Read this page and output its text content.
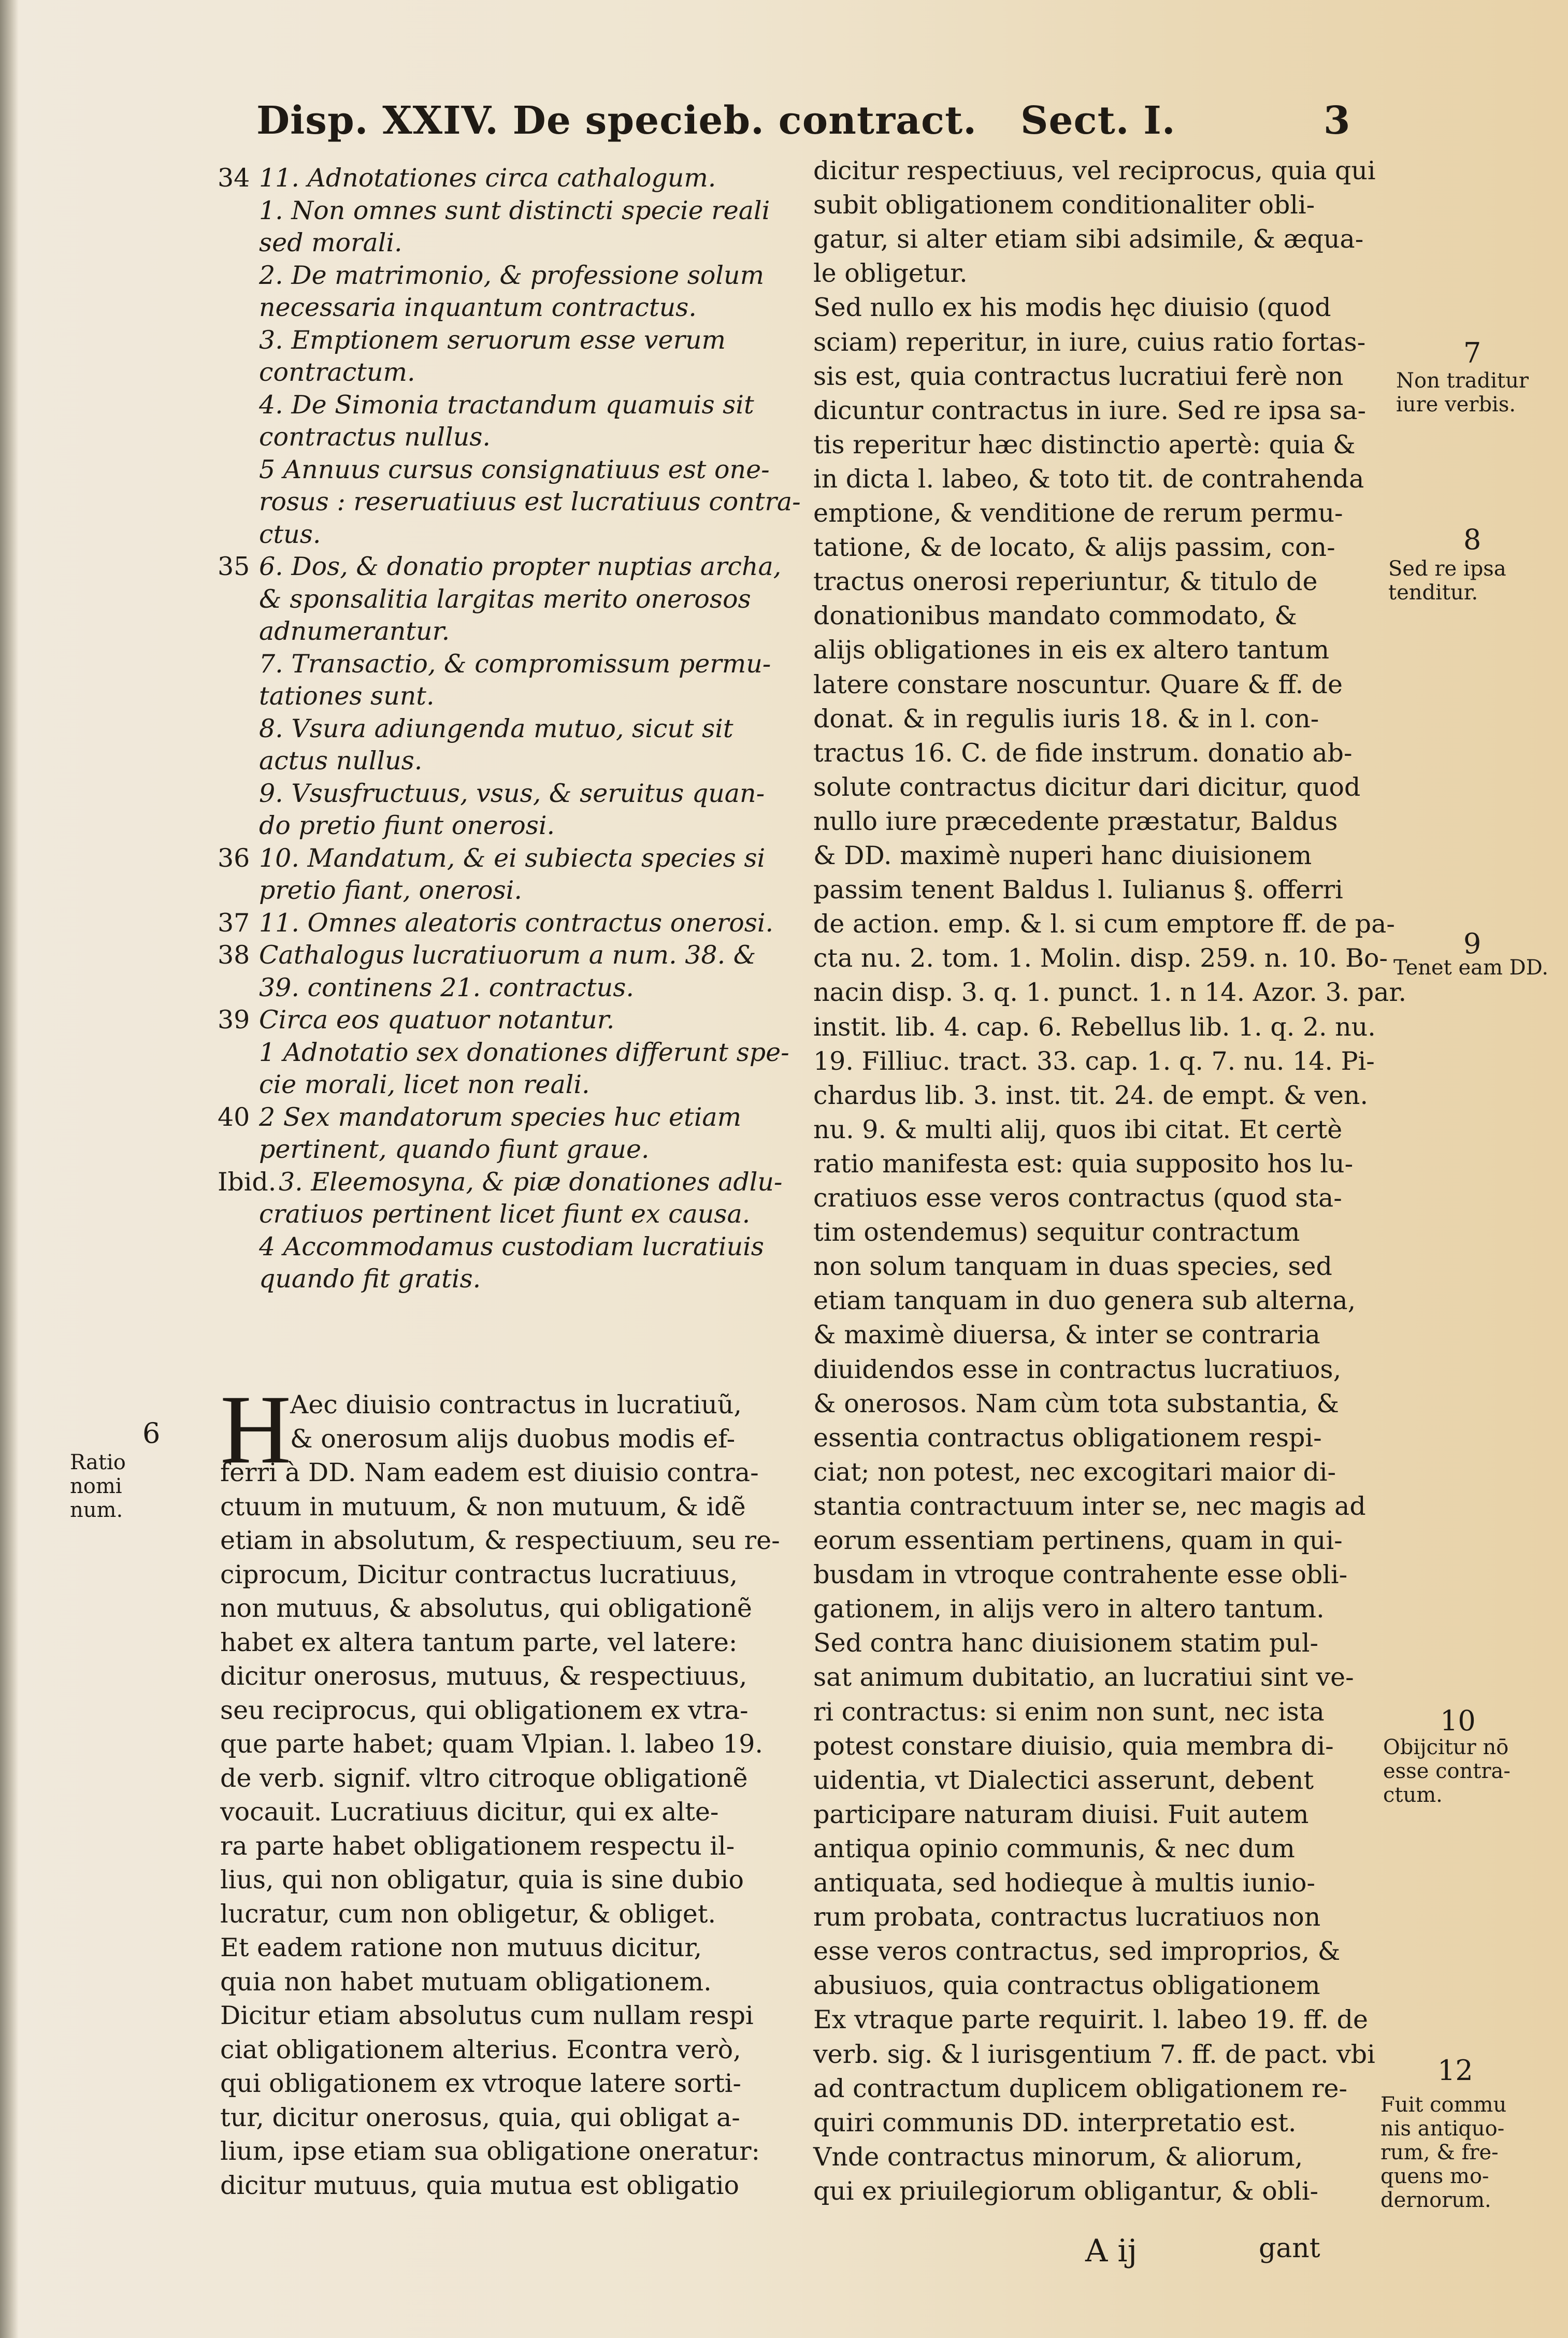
Disp. XXIV. De specieb. contract. Sect. I.	3
34 11. Adnotationes circa cathalogum.
1. Non omnes sunt distincti specie reali
sed morali.
2. De matrimonio, & professione solum
necessaria inquantum contractus.
3. Emptionem seruorum esse verum
contractum.
4. De Simonia tractandum quamuis sit
contractus nullus.
5 Annuus cursus consignatiuus est one-
rosus : reseruatiuus est lucratiuus contra-
ctus.
35 6. Dos, & donatio propter nuptias archa,
& sponsalitia largitas merito onerosos
adnumerantur.
7. Transactio, & compromissum permu-
tationes sunt.
8. Vsura adiungenda mutuo, sicut sit
actus nullus.
9. Vsusfructuus, vsus, & seruitus quan-
do pretio fiunt onerosi.
36 10. Mandatum, & ei subiecta species si
pretio fiant, onerosi.
37 11. Omnes aleatoris contractus onerosi.
38 Cathalogus lucratiuorum a num. 38. &
39. continens 21. contractus.
39 Circa eos quatuor notantur.
1 Adnotatio sex donationes differunt spe-
cie morali, licet non reali.
40 2 Sex mandatorum species huc etiam
pertinent, quando fiunt graue.
Ibid. 3. Eleemosyna, & piæ donationes adlu-
cratiuos pertinent licet fiunt ex causa.
4 Accommodamus custodiam lucratiuis
quando fit gratis.
H
Aec diuisio contractus in lucratiuũ,
& onerosum alijs duobus modis ef-
ferri à DD. Nam eadem est diuisio contra-
ctuum in mutuum, & non mutuum, & idẽ
etiam in absolutum, & respectiuum, seu re-
ciprocum, Dicitur contractus lucratiuus,
non mutuus, & absolutus, qui obligationẽ
habet ex altera tantum parte, vel latere:
dicitur onerosus, mutuus, & respectiuus,
seu reciprocus, qui obligationem ex vtra-
que parte habet; quam Vlpian. l. labeo 19.
de verb. signif. vltro citroque obligationẽ
vocauit. Lucratiuus dicitur, qui ex alte-
ra parte habet obligationem respectu il-
lius, qui non obligatur, quia is sine dubio
lucratur, cum non obligetur, & obliget.
Et eadem ratione non mutuus dicitur,
quia non habet mutuam obligationem.
Dicitur etiam absolutus cum nullam respi
ciat obligationem alterius. Econtra verò,
qui obligationem ex vtroque latere sorti-
tur, dicitur onerosus, quia, qui obligat a-
lium, ipse etiam sua obligatione oneratur:
dicitur mutuus, quia mutua est obligatio
dicitur respectiuus, vel reciprocus, quia qui
subit obligationem conditionaliter obli-
gatur, si alter etiam sibi adsimile, & æqua-
le obligetur.
Sed nullo ex his modis hęc diuisio (quod
sciam) reperitur, in iure, cuius ratio fortas-
sis est, quia contractus lucratiui ferè non
dicuntur contractus in iure. Sed re ipsa sa-
tis reperitur hæc distinctio apertè: quia &
in dicta l. labeo, & toto tit. de contrahenda
emptione, & venditione de rerum permu-
tatione, & de locato, & alijs passim, con-
tractus onerosi reperiuntur, & titulo de
donationibus mandato commodato, &
alijs obligationes in eis ex altero tantum
latere constare noscuntur. Quare & ff. de
donat. & in regulis iuris 18. & in l. con-
tractus 16. C. de fide instrum. donatio ab-
solute contractus dicitur dari dicitur, quod
nullo iure præcedente præstatur, Baldus
& DD. maximè nuperi hanc diuisionem
passim tenent Baldus l. Iulianus §. offerri
de action. emp. & l. si cum emptore ff. de pa-
cta nu. 2. tom. 1. Molin. disp. 259. n. 10. Bo-
nacin disp. 3. q. 1. punct. 1. n 14. Azor. 3. par.
instit. lib. 4. cap. 6. Rebellus lib. 1. q. 2. nu.
19. Filliuc. tract. 33. cap. 1. q. 7. nu. 14. Pi-
chardus lib. 3. inst. tit. 24. de empt. & ven.
nu. 9. & multi alij, quos ibi citat. Et certè
ratio manifesta est: quia supposito hos lu-
cratiuos esse veros contractus (quod sta-
tim ostendemus) sequitur contractum
non solum tanquam in duas species, sed
etiam tanquam in duo genera sub alterna,
& maximè diuersa, & inter se contraria
diuidendos esse in contractus lucratiuos,
& onerosos. Nam cùm tota substantia, &
essentia contractus obligationem respi-
ciat; non potest, nec excogitari maior di-
stantia contractuum inter se, nec magis ad
eorum essentiam pertinens, quam in qui-
busdam in vtroque contrahente esse obli-
gationem, in alijs vero in altero tantum.
Sed contra hanc diuisionem statim pul-
sat animum dubitatio, an lucratiui sint ve-
ri contractus: si enim non sunt, nec ista
potest constare diuisio, quia membra di-
uidentia, vt Dialectici asserunt, debent
participare naturam diuisi. Fuit autem
antiqua opinio communis, & nec dum
antiquata, sed hodieque à multis iunio-
rum probata, contractus lucratiuos non
esse veros contractus, sed improprios, &
abusiuos, quia contractus obligationem
Ex vtraque parte requirit. l. labeo 19. ff. de
verb. sig. & l iurisgentium 7. ff. de pact. vbi
ad contractum duplicem obligationem re-
quiri communis DD. interpretatio est.
Vnde contractus minorum, & aliorum,
qui ex priuilegiorum obligantur, & obli-
6
Ratio nomi num.
7
Non traditur iure verbis.
8
Sed re ipsa tenditur.
9
Tenet eam DD.
10
Obijcitur nō esse contra-ctum.
12
Fuit commu nis antiquo-rum, & fre-quens mo-dernorum.
A ij	gant
